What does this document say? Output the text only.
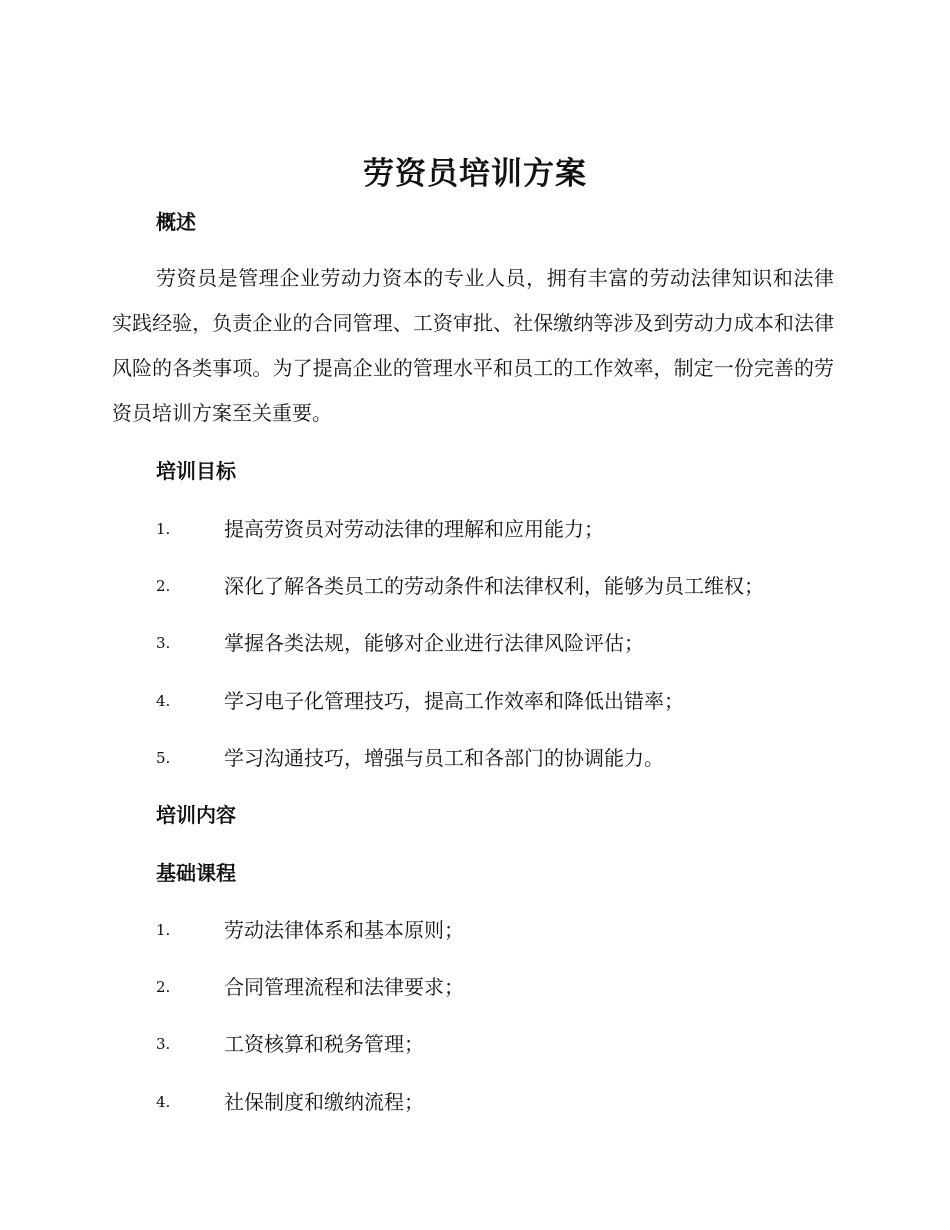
劳资员培训方案
概述
劳资员是管理企业劳动力资本的专业人员，拥有丰富的劳动法律知识和法律实践经验，负责企业的合同管理、工资审批、社保缴纳等涉及到劳动力成本和法律风险的各类事项。为了提高企业的管理水平和员工的工作效率，制定一份完善的劳资员培训方案至关重要。
培训目标
1.	提高劳资员对劳动法律的理解和应用能力；
2.	深化了解各类员工的劳动条件和法律权利，能够为员工维权；
3.	掌握各类法规，能够对企业进行法律风险评估；
4.	学习电子化管理技巧，提高工作效率和降低出错率；
5.	学习沟通技巧，增强与员工和各部门的协调能力。
培训内容
基础课程
1.	劳动法律体系和基本原则；
2.	合同管理流程和法律要求；
3.	工资核算和税务管理；
4.	社保制度和缴纳流程；
